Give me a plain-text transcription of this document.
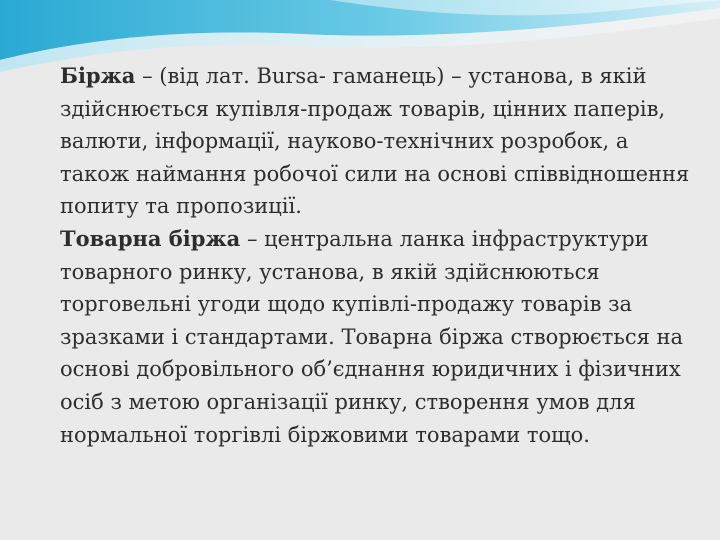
Біржа – (від лат. Bursa- гаманець) – установа, в якій здійснюється купівля-продаж товарів, цінних паперів, валюти, інформації, науково-технічних розробок, а також наймання робочої сили на основі співвідношення попиту та пропозиції.

Товарна біржа – центральна ланка інфраструктури товарного ринку, установа, в якій здійснюються торговельні угоди щодо купівлі-продажу товарів за зразками і стандартами. Товарна біржа створюється на основі добровільного об’єднання юридичних і фізичних осіб з метою організації ринку, створення умов для нормальної торгівлі біржовими товарами тощо.
